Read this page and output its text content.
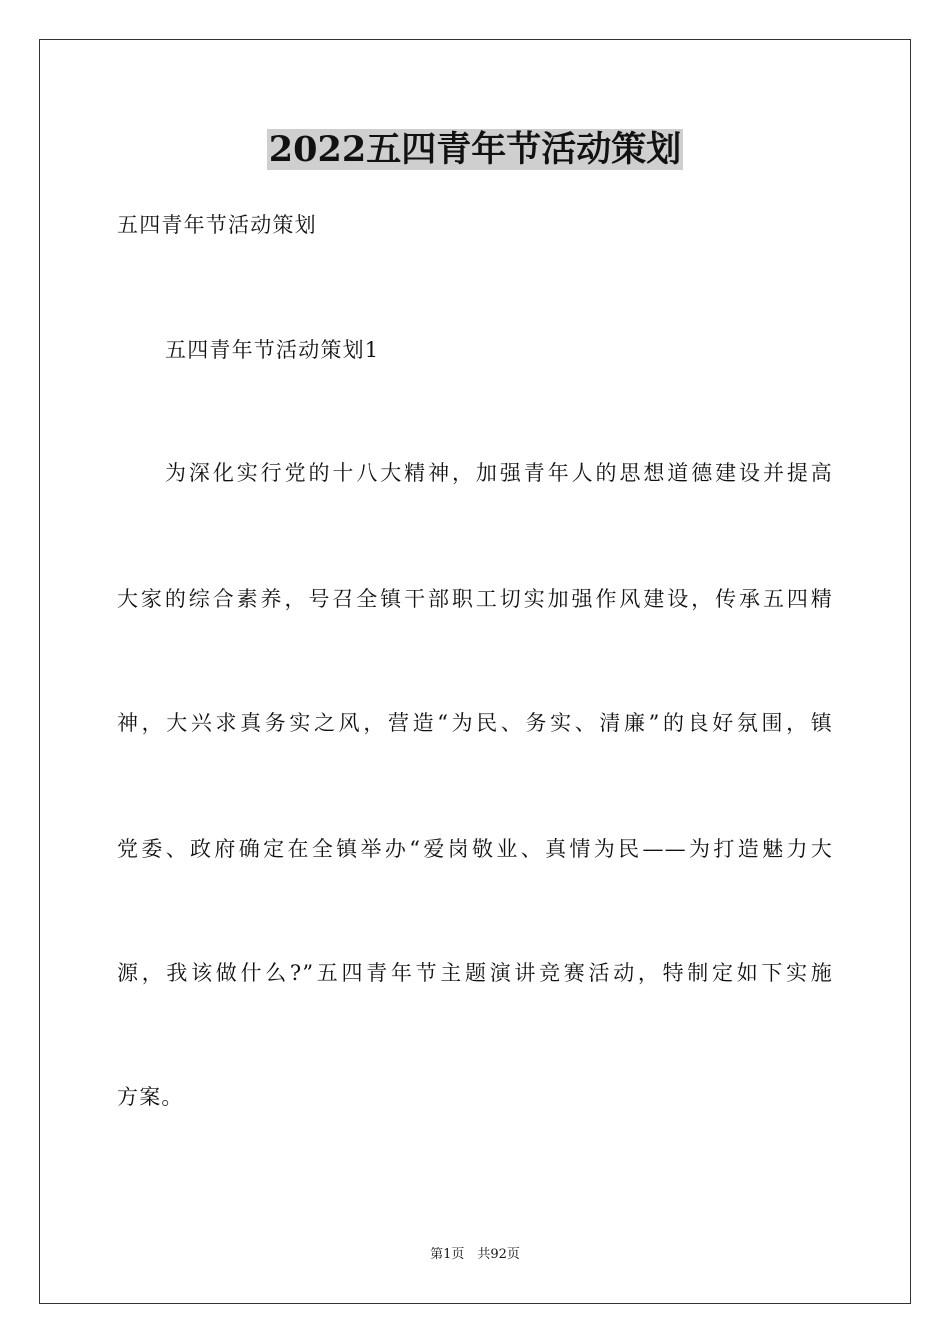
2022五四青年节活动策划
五四青年节活动策划
五四青年节活动策划1
为深化实行党的十八大精神，加强青年人的思想道德建设并提高
大家的综合素养，号召全镇干部职工切实加强作风建设，传承五四精
神，大兴求真务实之风，营造“为民、务实、清廉”的良好氛围，镇
党委、政府确定在全镇举办“爱岗敬业、真情为民——为打造魅力大
源，我该做什么?”五四青年节主题演讲竞赛活动，特制定如下实施
方案。
第1页　共92页
